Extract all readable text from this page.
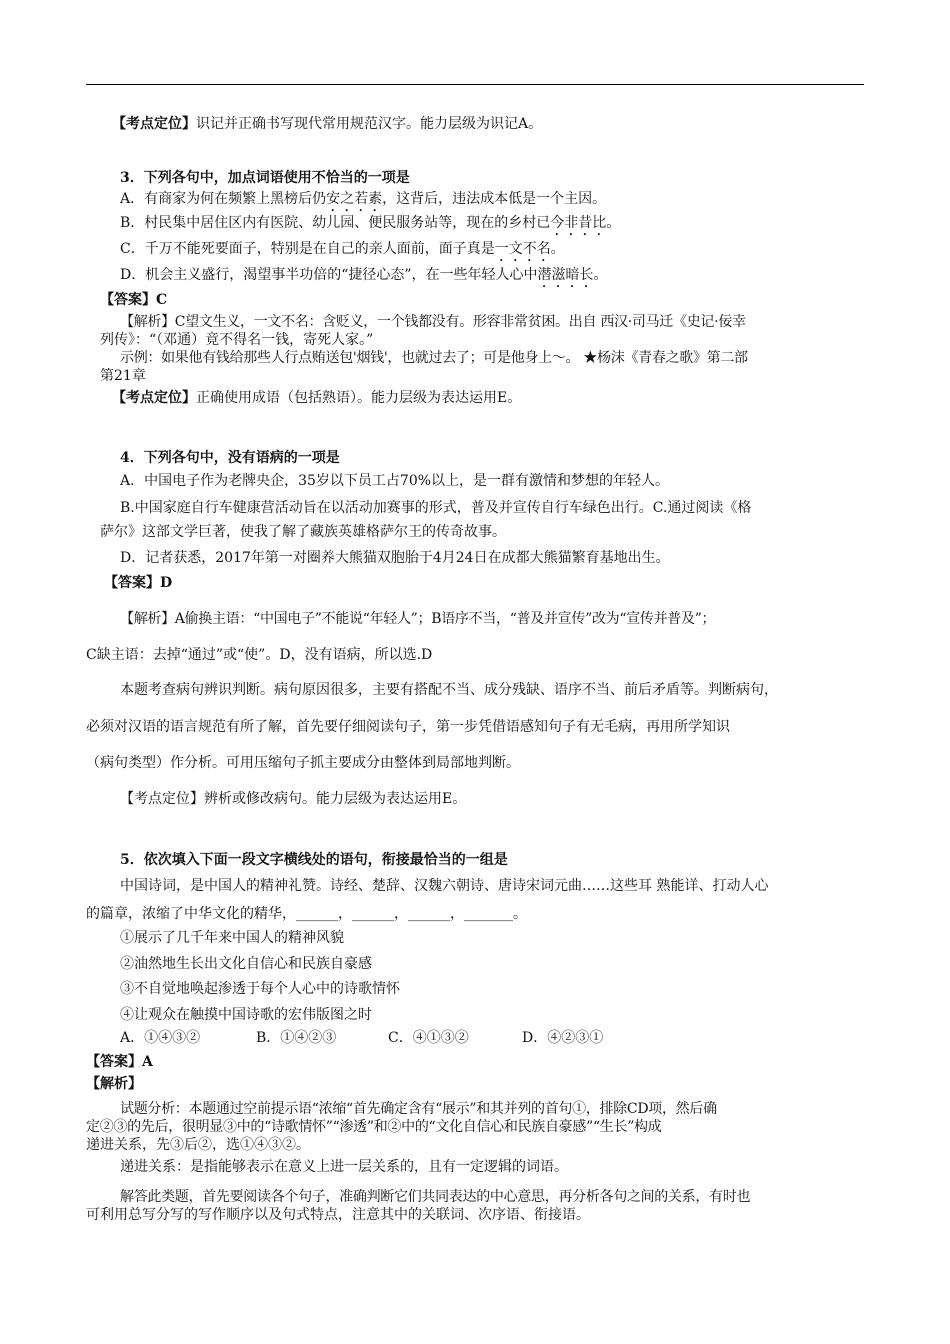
【考点定位】识记并正确书写现代常用规范汉字。能力层级为识记A。
3．下列各句中，加点词语使用不恰当的一项是
A．有商家为何在频繁上黑榜后仍安之若素，这背后，违法成本低是一个主因。
B．村民集中居住区内有医院、幼儿园、便民服务站等，现在的乡村已今非昔比。
C．千万不能死要面子，特别是在自己的亲人面前，面子真是一文不名。
D．机会主义盛行，渴望事半功倍的“捷径心态”，在一些年轻人心中潜滋暗长。
【答案】C
【解析】C望文生义，一文不名：含贬义，一个钱都没有。形容非常贫困。出自 西汉·司马迁《史记·佞幸
列传》：“（邓通）竟不得名一钱，寄死人家。”
示例：如果他有钱给那些人行点贿送包'烟钱'，也就过去了；可是他身上～。 ★杨沫《青春之歌》第二部
第21章
【考点定位】正确使用成语（包括熟语）。能力层级为表达运用E。
4．下列各句中，没有语病的一项是
A．中国电子作为老牌央企，35岁以下员工占70%以上，是一群有激情和梦想的年轻人。
B.中国家庭自行车健康营活动旨在以活动加赛事的形式，普及并宣传自行车绿色出行。C.通过阅读《格
萨尔》这部文学巨著，使我了解了藏族英雄格萨尔王的传奇故事。
D．记者获悉，2017年第一对圈养大熊猫双胞胎于4月24日在成都大熊猫繁育基地出生。
【答案】D
【解析】A偷换主语：“中国电子”不能说“年轻人”；B语序不当，“普及并宣传”改为“宣传并普及”；
C缺主语：去掉“通过”或“使”。D，没有语病，所以选.D
本题考查病句辨识判断。病句原因很多，主要有搭配不当、成分残缺、语序不当、前后矛盾等。判断病句，
必须对汉语的语言规范有所了解，首先要仔细阅读句子，第一步凭借语感知句子有无毛病，再用所学知识
（病句类型）作分析。可用压缩句子抓主要成分由整体到局部地判断。
【考点定位】辨析或修改病句。能力层级为表达运用E。
5．依次填入下面一段文字横线处的语句，衔接最恰当的一组是
中国诗词，是中国人的精神礼赞。诗经、楚辞、汉魏六朝诗、唐诗宋词元曲……这些耳 熟能详、打动人心
的篇章，浓缩了中华文化的精华，______，______，______，_______。
①展示了几千年来中国人的精神风貌
②油然地生长出文化自信心和民族自豪感
③不自觉地唤起渗透于每个人心中的诗歌情怀
④让观众在触摸中国诗歌的宏伟版图之时
A．①④③②	B．①④②③	C．④①③②	D．④②③①
【答案】A
【解析】
试题分析：本题通过空前提示语“浓缩“首先确定含有“展示”和其并列的首句①，排除CD项，然后确
定②③的先后，很明显③中的“诗歌情怀”“渗透”和②中的“文化自信心和民族自豪感”“生长”构成
递进关系，先③后②，选①④③②。
递进关系：是指能够表示在意义上进一层关系的，且有一定逻辑的词语。
解答此类题，首先要阅读各个句子，准确判断它们共同表达的中心意思，再分析各句之间的关系，有时也
可利用总写分写的写作顺序以及句式特点，注意其中的关联词、次序语、衔接语。
